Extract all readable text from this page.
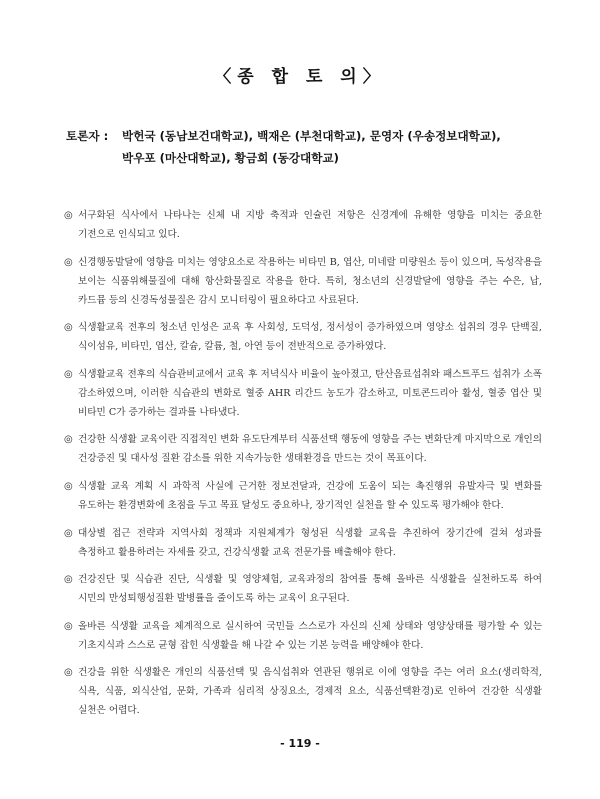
〈종 합 토 의〉
토론자 :	박헌국 (동남보건대학교), 백재은 (부천대학교), 문영자 (우송정보대학교),
박우포 (마산대학교), 황금희 (동강대학교)
◎ 서구화된 식사에서 나타나는 신체 내 지방 축적과 인슐린 저항은 신경계에 유해한 영향을 미치는 중요한 기전으로 인식되고 있다.
◎ 신경행동발달에 영향을 미치는 영양요소로 작용하는 비타민 B, 엽산, 미네랄 미량원소 등이 있으며, 독성작용을 보이는 식품위해물질에 대해 항산화물질로 작용을 한다. 특히, 청소년의 신경발달에 영향을 주는 수은, 납, 카드뮴 등의 신경독성물질은 감시 모니터링이 필요하다고 사료된다.
◎ 식생활교육 전후의 청소년 인성은 교육 후 사회성, 도덕성, 정서성이 증가하였으며 영양소 섭취의 경우 단백질, 식이섬유, 비타민, 엽산, 칼슘, 칼륨, 철, 아연 등이 전반적으로 증가하였다.
◎ 식생활교육 전후의 식습관비교에서 교육 후 저녁식사 비율이 높아졌고, 탄산음료섭취와 패스트푸드 섭취가 소폭 감소하였으며, 이러한 식습관의 변화로 혈중 AHR 리간드 농도가 감소하고, 미토콘드리아 활성, 혈중 엽산 및 비타민 C가 증가하는 결과를 나타냈다.
◎ 건강한 식생활 교육이란 직접적인 변화 유도단계부터 식품선택 행동에 영향을 주는 변화단계 마지막으로 개인의 건강증진 및 대사성 질환 감소를 위한 지속가능한 생태환경을 만드는 것이 목표이다.
◎ 식생활 교육 계획 시 과학적 사실에 근거한 정보전달과, 건강에 도움이 되는 촉진행위 유발자극 및 변화를 유도하는 환경변화에 초점을 두고 목표 달성도 중요하나, 장기적인 실천을 할 수 있도록 평가해야 한다.
◎ 대상별 접근 전략과 지역사회 정책과 지원체계가 형성된 식생활 교육을 추진하여 장기간에 걸쳐 성과를 측정하고 활용하려는 자세를 갖고, 건강식생활 교육 전문가를 배출해야 한다.
◎ 건강진단 및 식습관 진단, 식생활 및 영양체험, 교육과정의 참여를 통해 올바른 식생활을 실천하도록 하여 시민의 만성퇴행성질환 발병률을 줄이도록 하는 교육이 요구된다.
◎ 올바른 식생활 교육을 체계적으로 실시하여 국민들 스스로가 자신의 신체 상태와 영양상태를 평가할 수 있는 기초지식과 스스로 균형 잡힌 식생활을 해 나갈 수 있는 기본 능력을 배양해야 한다.
◎ 건강을 위한 식생활은 개인의 식품선택 및 음식섭취와 연관된 행위로 이에 영향을 주는 여러 요소(생리학적, 식욕, 식품, 외식산업, 문화, 가족과 심리적 상징요소, 경제적 요소, 식품선택환경)로 인하여 건강한 식생활 실천은 어렵다.
- 119 -
